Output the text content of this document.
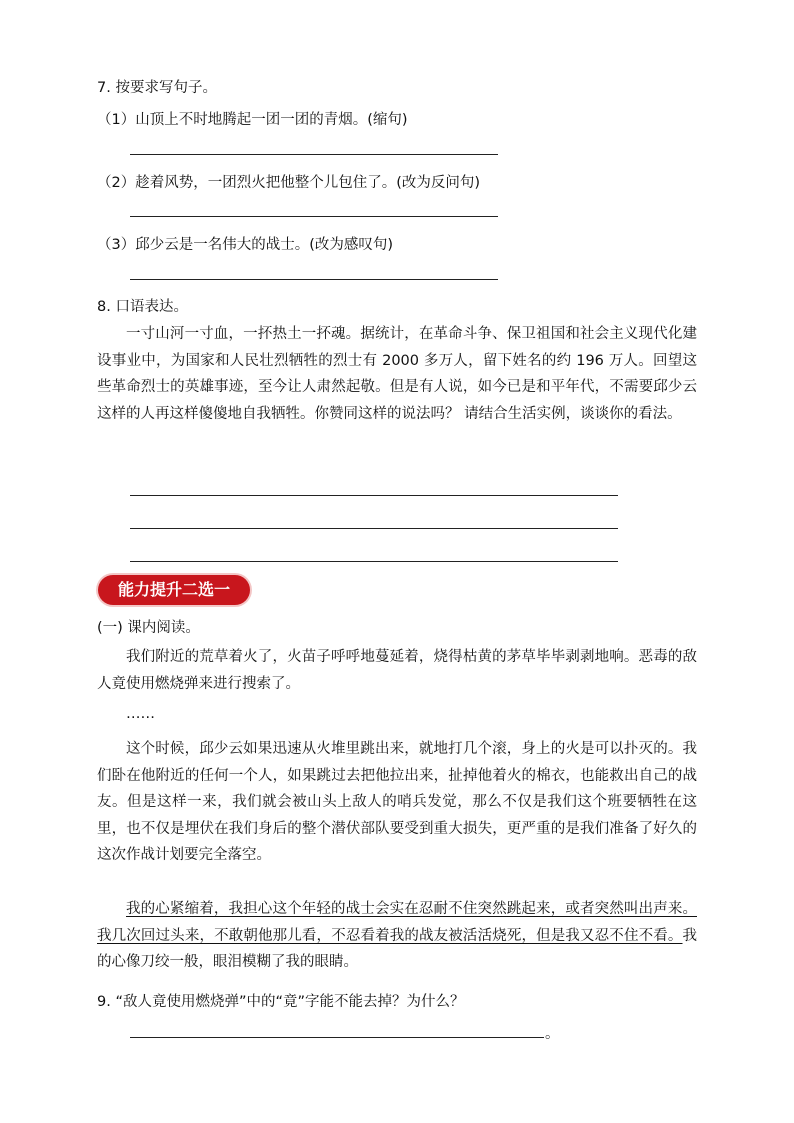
7. 按要求写句子。
（1）山顶上不时地腾起一团一团的青烟。(缩句)
（2）趁着风势，一团烈火把他整个儿包住了。(改为反问句)
（3）邱少云是一名伟大的战士。(改为感叹句)
8. 口语表达。
一寸山河一寸血，一抔热土一抔魂。据统计，在革命斗争、保卫祖国和社会主义现代化建设事业中，为国家和人民壮烈牺牲的烈士有 2000 多万人，留下姓名的约 196 万人。回望这些革命烈士的英雄事迹，至今让人肃然起敬。但是有人说，如今已是和平年代，不需要邱少云这样的人再这样傻傻地自我牺牲。你赞同这样的说法吗？ 请结合生活实例，谈谈你的看法。
能力提升二选一
(一) 课内阅读。
我们附近的荒草着火了，火苗子呼呼地蔓延着，烧得枯黄的茅草毕毕剥剥地响。恶毒的敌人竟使用燃烧弹来进行搜索了。
……
这个时候，邱少云如果迅速从火堆里跳出来，就地打几个滚，身上的火是可以扑灭的。我们卧在他附近的任何一个人，如果跳过去把他拉出来，扯掉他着火的棉衣，也能救出自己的战友。但是这样一来，我们就会被山头上敌人的哨兵发觉，那么不仅是我们这个班要牺牲在这里，也不仅是埋伏在我们身后的整个潜伏部队要受到重大损失，更严重的是我们准备了好久的这次作战计划要完全落空。
我的心紧缩着，我担心这个年轻的战士会实在忍耐不住突然跳起来，或者突然叫出声来。我几次回过头来，不敢朝他那儿看，不忍看着我的战友被活活烧死，但是我又忍不住不看。我的心像刀绞一般，眼泪模糊了我的眼睛。
9. “敌人竟使用燃烧弹”中的“竟”字能不能去掉？为什么？
。
